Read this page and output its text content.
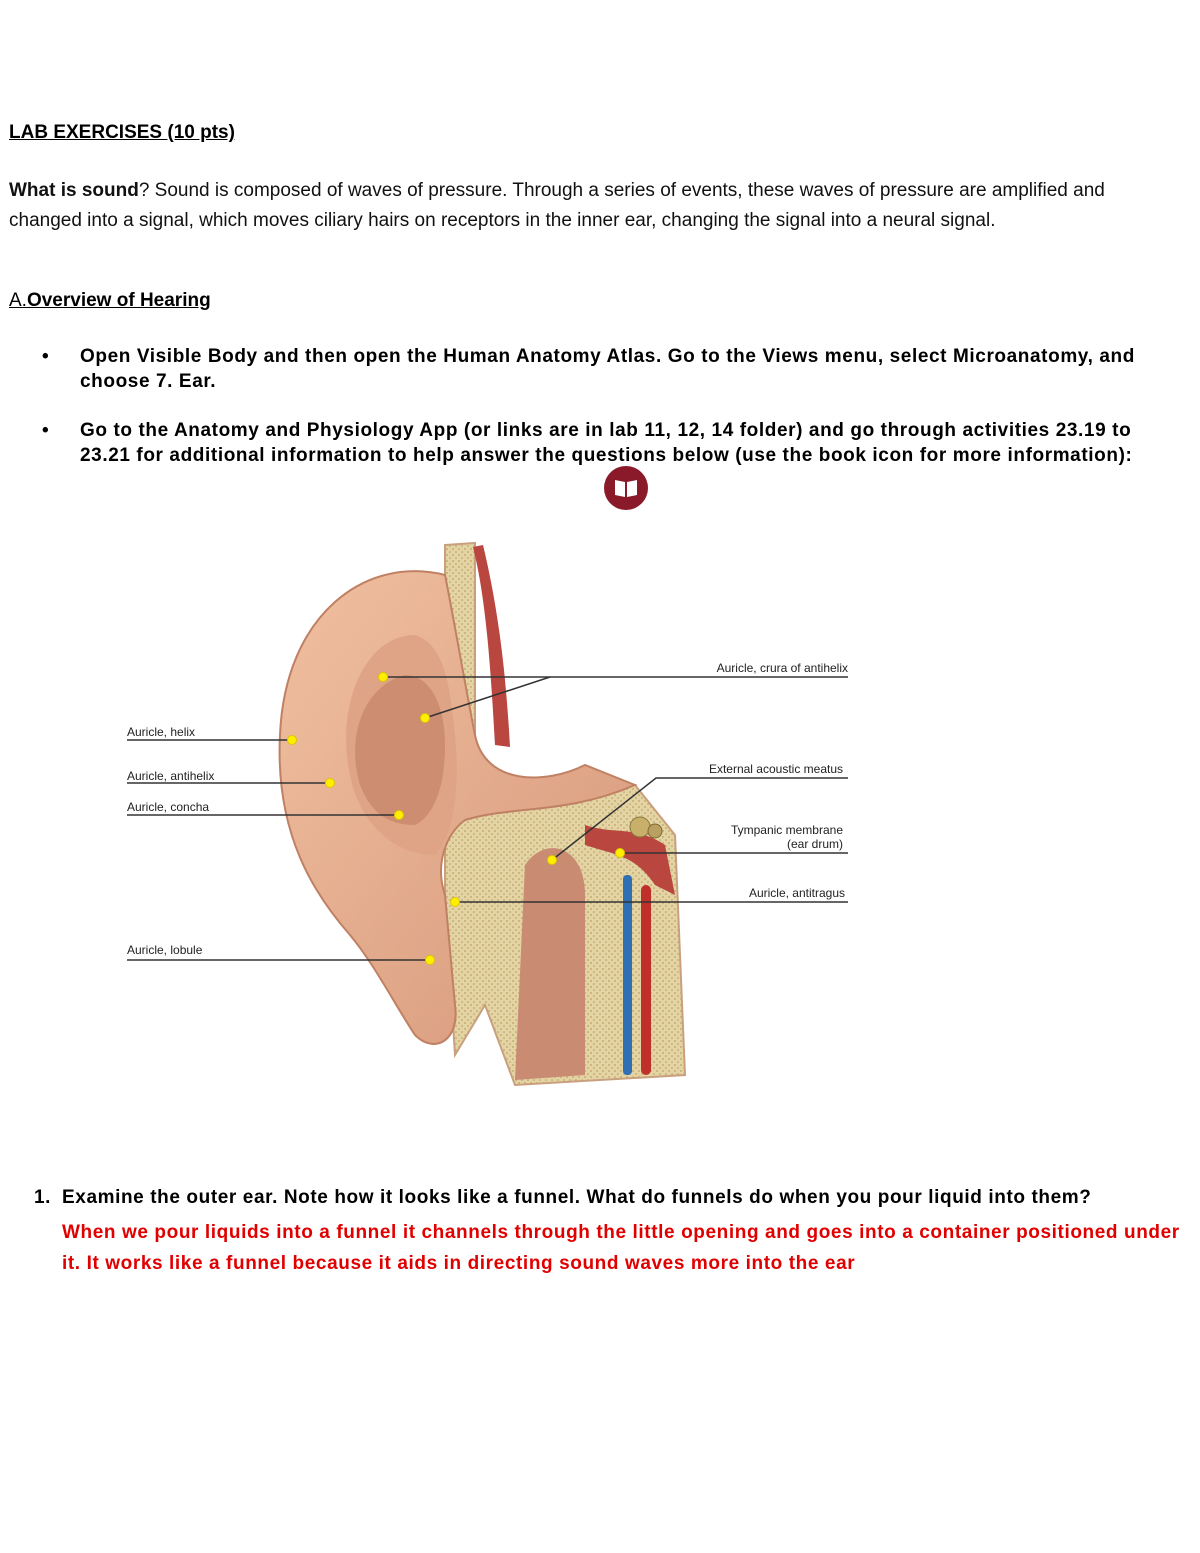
LAB EXERCISES (10 pts)
What is sound? Sound is composed of waves of pressure. Through a series of events, these waves of pressure are amplified and changed into a signal, which moves ciliary hairs on receptors in the inner ear, changing the signal into a neural signal.
A.Overview of Hearing
• Open Visible Body and then open the Human Anatomy Atlas. Go to the Views menu, select Microanatomy, and choose 7. Ear.
• Go to the Anatomy and Physiology App (or links are in lab 11, 12, 14 folder) and go through activities 23.19 to 23.21 for additional information to help answer the questions below (use the book icon for more information):
Auricle, helix
Auricle, antihelix
Auricle, concha
Auricle, lobule
Auricle, crura of antihelix
External acoustic meatus
Tympanic membrane
(ear drum)
Auricle, antitragus
1. Examine the outer ear. Note how it looks like a funnel. What do funnels do when you pour liquid into them?
When we pour liquids into a funnel it channels through the little opening and goes into a container positioned under it. It works like a funnel because it aids in directing sound waves more into the ear
